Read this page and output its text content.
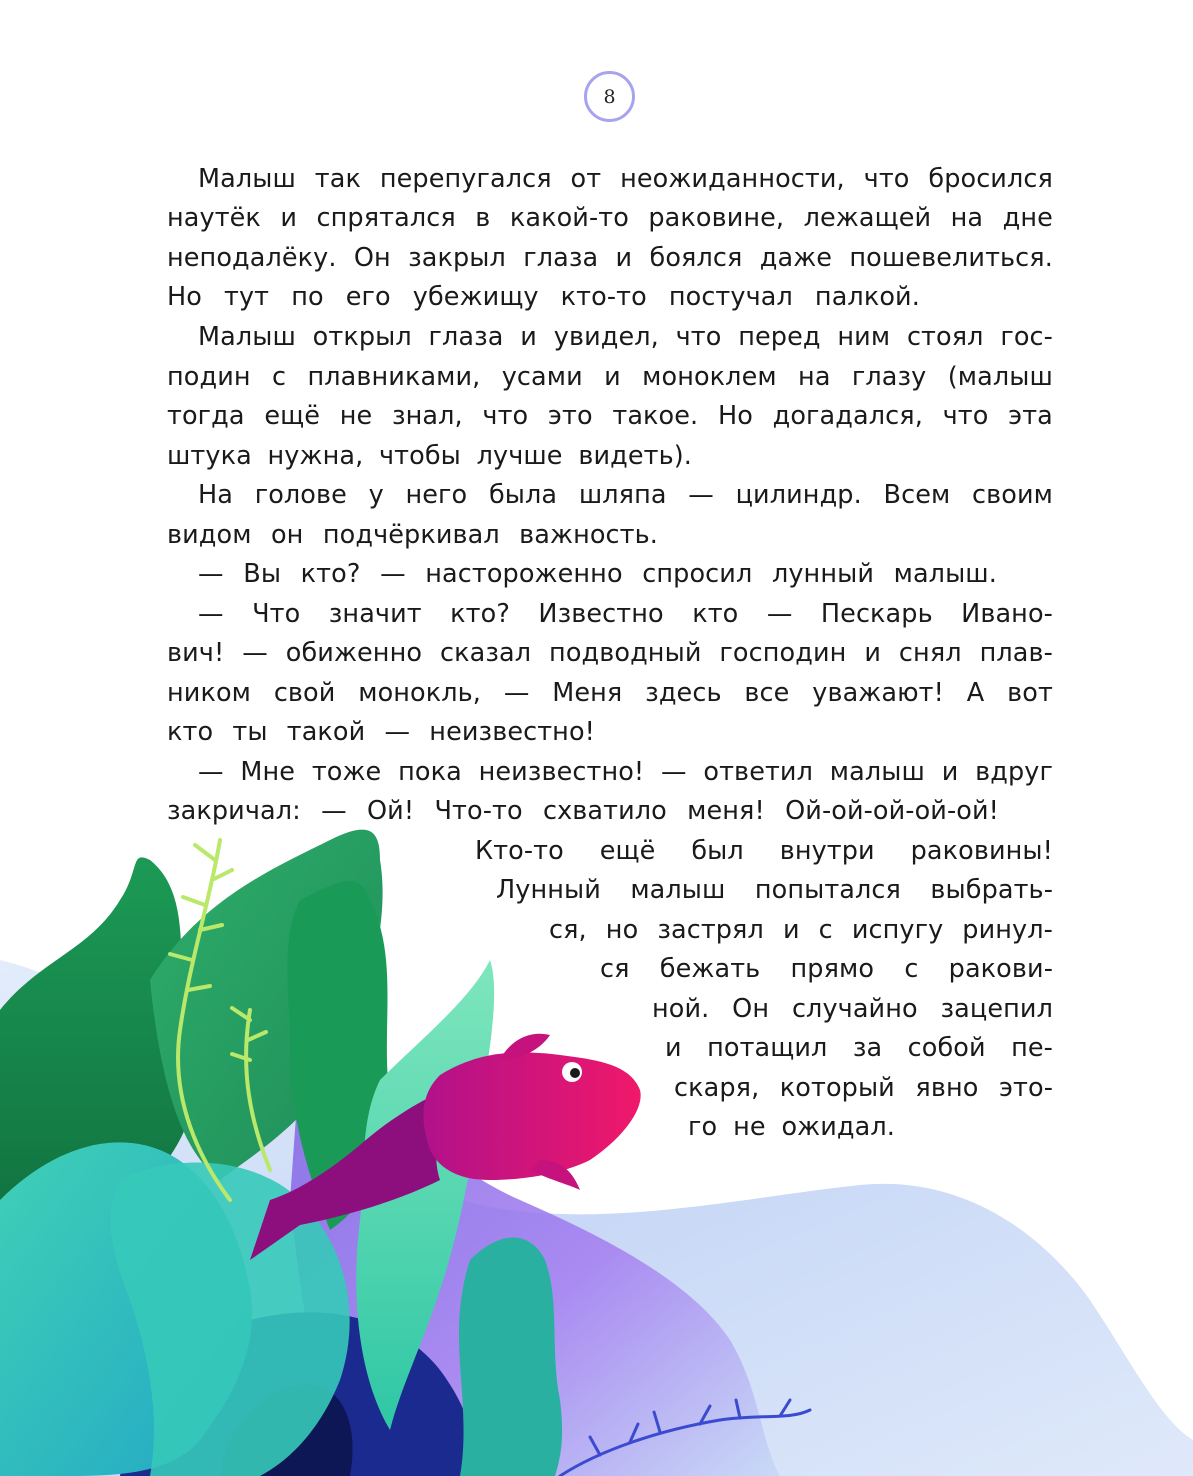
8
Малыш так перепугался от неожиданности, что бросился
наутёк и спрятался в какой-то раковине, лежащей на дне
неподалёку. Он закрыл глаза и боялся даже пошевелиться.
Но тут по его убежищу кто-то постучал палкой.
Малыш открыл глаза и увидел, что перед ним стоял гос-
подин с плавниками, усами и моноклем на глазу (малыш
тогда ещё не знал, что это такое. Но догадался, что эта
штука нужна, чтобы лучше видеть).
На голове у него была шляпа — цилиндр. Всем своим
видом он подчёркивал важность.
— Вы кто? — настороженно спросил лунный малыш.
— Что значит кто? Известно кто — Пескарь Ивано-
вич! — обиженно сказал подводный господин и снял плав-
ником свой монокль, — Меня здесь все уважают! А вот
кто ты такой — неизвестно!
— Мне тоже пока неизвестно! — ответил малыш и вдруг
закричал: — Ой! Что-то схватило меня! Ой-ой-ой-ой-ой!
Кто-то ещё был внутри раковины!
Лунный малыш попытался выбрать-
ся, но застрял и с испугу ринул-
ся бежать прямо с ракови-
ной. Он случайно зацепил
и потащил за собой пе-
скаря, который явно это-
го не ожидал.
